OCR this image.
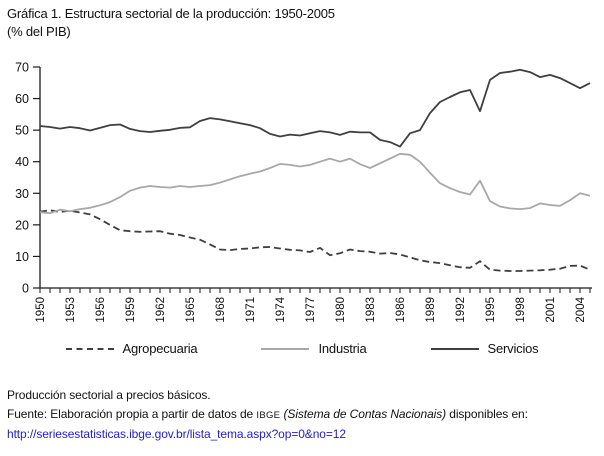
Gráfica 1. Estructura sectorial de la producción: 1950-2005
(% del PIB)
0
10
20
30
40
50
60
70
1950 1953 1956 1959 1962 1965 1968 1971 1974 1977 1980 1983 1986 1989 1992 1995 1998 2001 2004
Agropecuaria	Industria	Servicios
Producción sectorial a precios básicos.
Fuente: Elaboración propia a partir de datos de IBGE (Sistema de Contas Nacionais) disponibles en:
http://seriesestatisticas.ibge.gov.br/lista_tema.aspx?op=0&no=12
